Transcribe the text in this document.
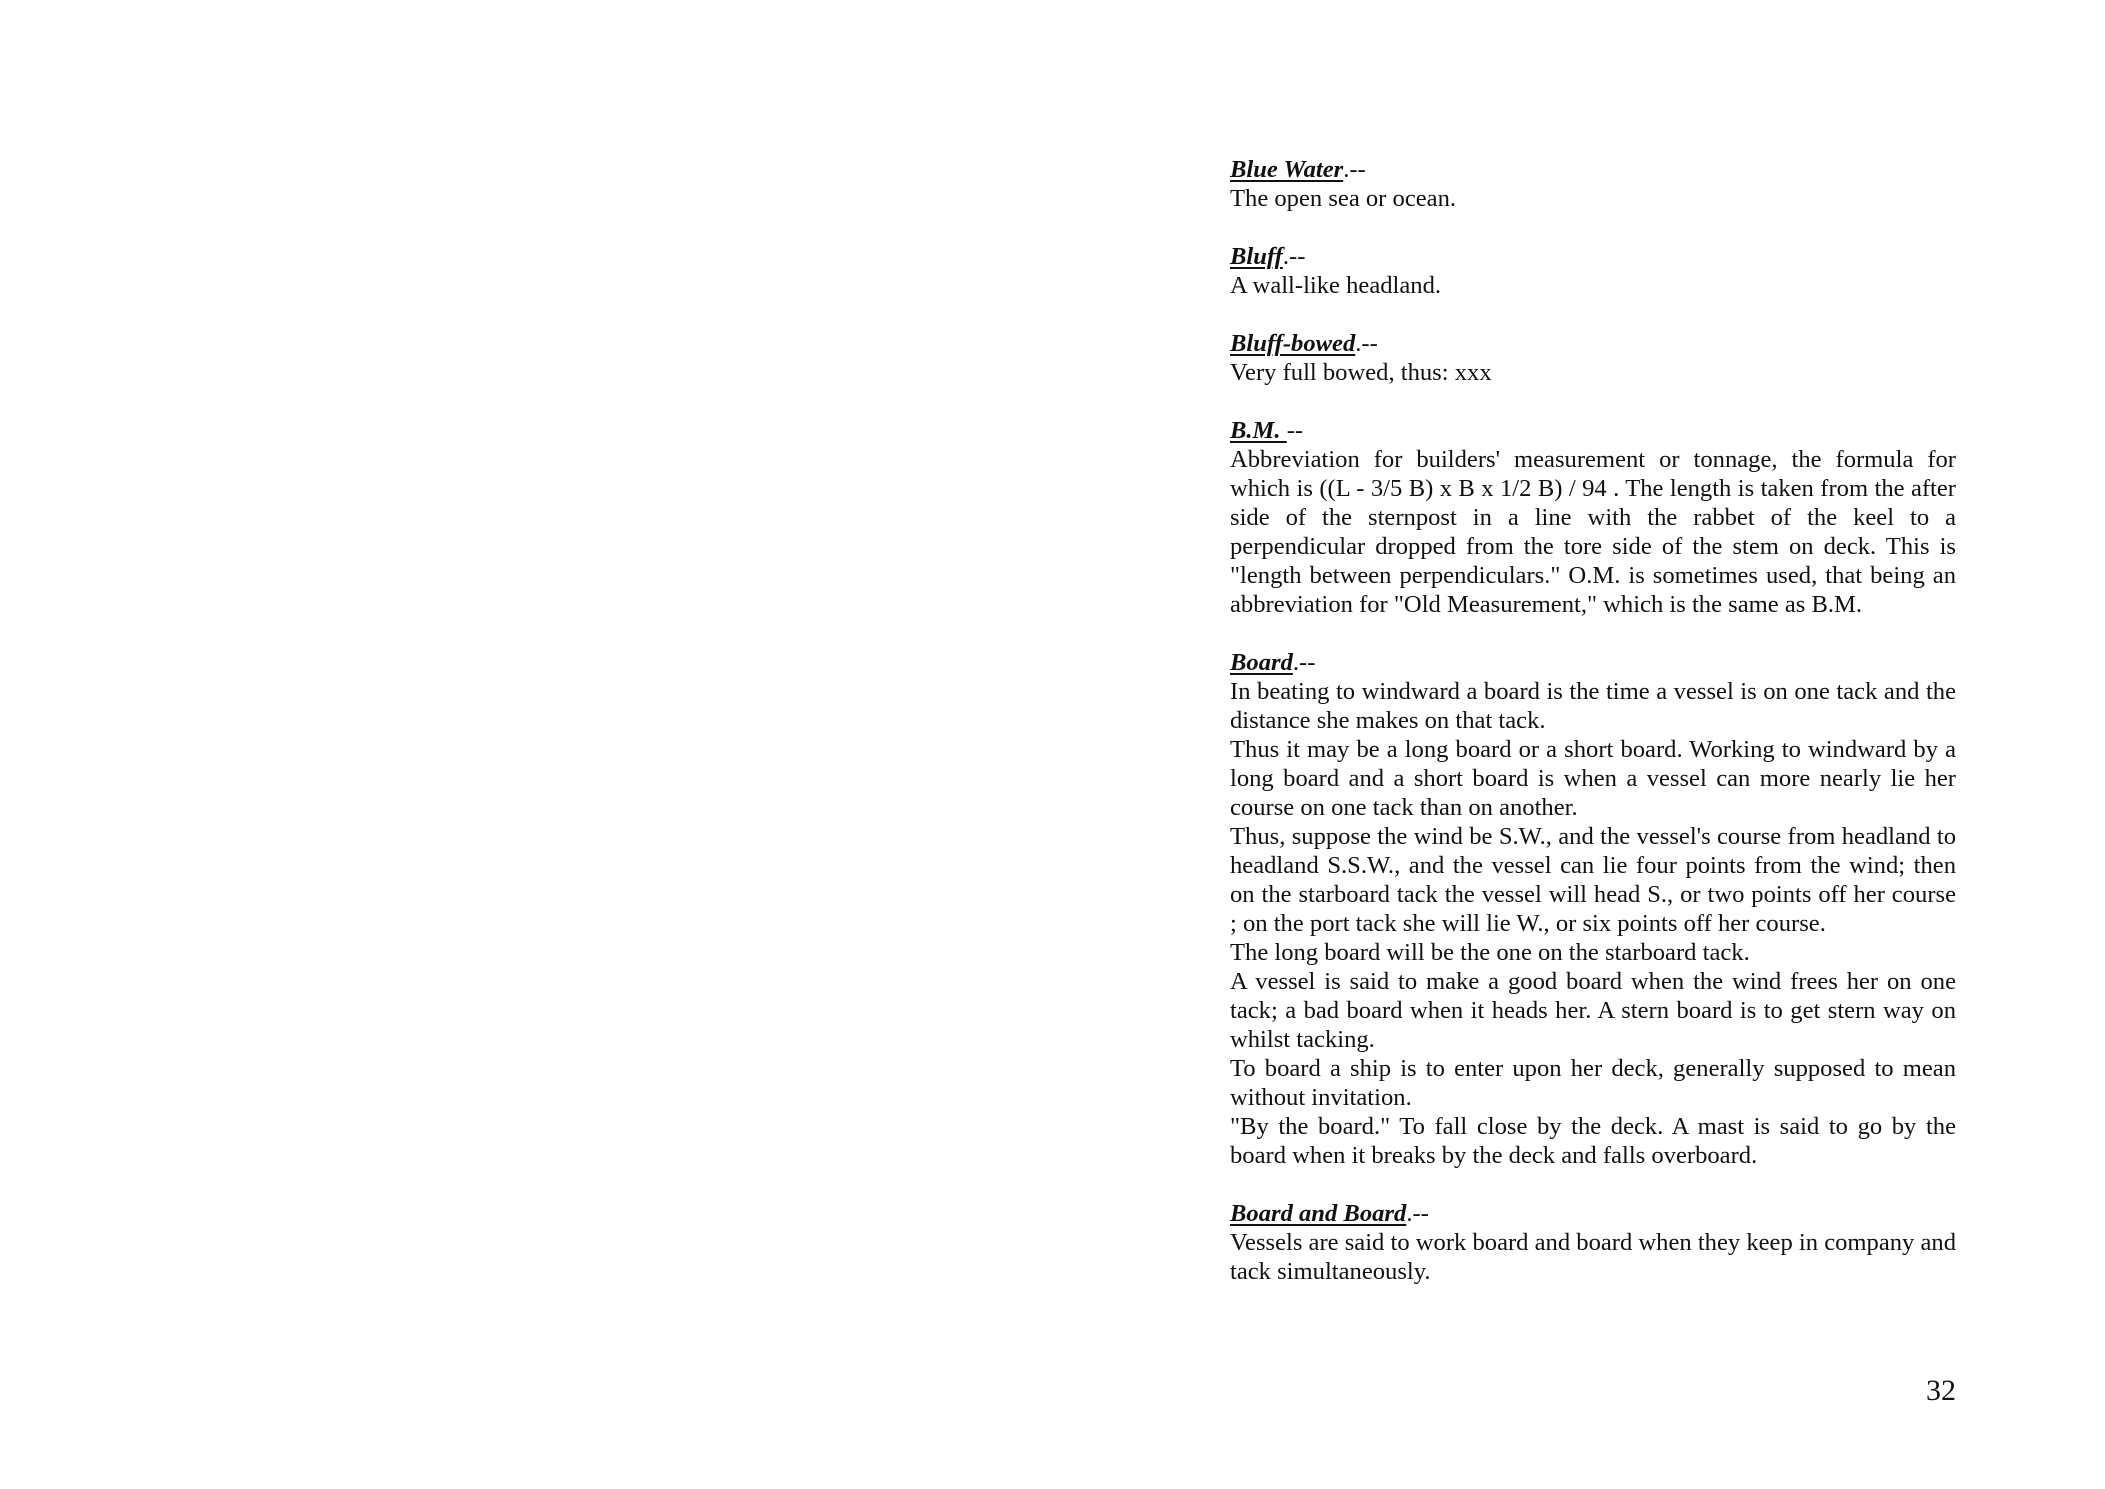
Blue Water.--

The open sea or ocean.

Bluff.--

A wall-like headland.

Bluff-bowed.--

Very full bowed, thus: xxx

B.M. --

Abbreviation for builders' measurement or tonnage, the formula for which is ((L - 3/5 B) x B x 1/2 B) / 94 . The length is taken from the after side of the sternpost in a line with the rabbet of the keel to a perpendicular dropped from the tore side of the stem on deck. This is "length between perpendiculars." O.M. is sometimes used, that being an abbreviation for "Old Measurement," which is the same as B.M.

Board.--

In beating to windward a board is the time a vessel is on one tack and the distance she makes on that tack.

Thus it may be a long board or a short board. Working to windward by a long board and a short board is when a vessel can more nearly lie her course on one tack than on another.

Thus, suppose the wind be S.W., and the vessel's course from headland to headland S.S.W., and the vessel can lie four points from the wind; then on the starboard tack the vessel will head S., or two points off her course ; on the port tack she will lie W., or six points off her course.

The long board will be the one on the starboard tack.

A vessel is said to make a good board when the wind frees her on one tack; a bad board when it heads her. A stern board is to get stern way on whilst tacking.

To board a ship is to enter upon her deck, generally supposed to mean without invitation.

"By the board." To fall close by the deck. A mast is said to go by the board when it breaks by the deck and falls overboard.

Board and Board.--

Vessels are said to work board and board when they keep in company and tack simultaneously.

32
